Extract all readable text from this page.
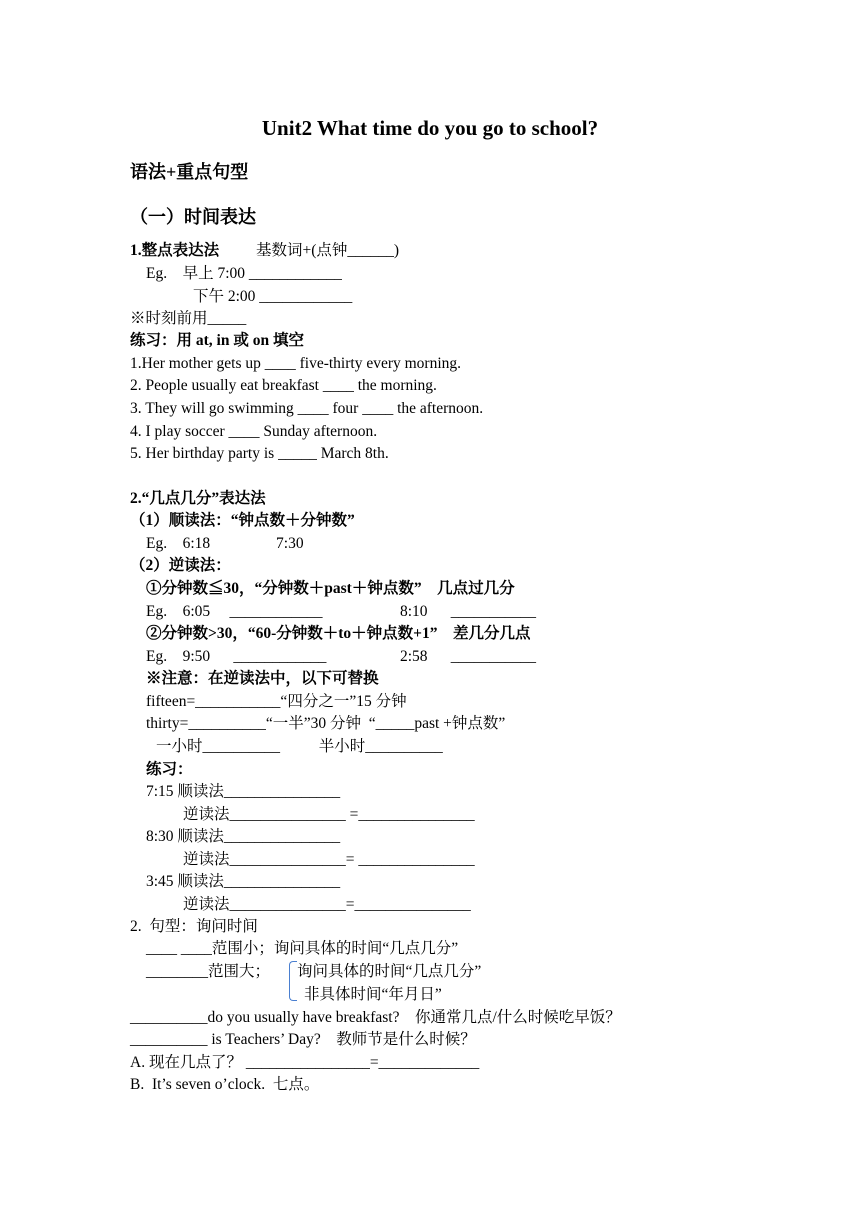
Unit2 What time do you go to school?
语法+重点句型
（一）时间表达
1.整点表达法 基数词+(点钟______)
Eg.    早上 7:00 ____________
下午 2:00 ____________
※时刻前用_____
练习：用 at, in 或 on 填空
1.Her mother gets up ____ five-thirty every morning.
2. People usually eat breakfast ____ the morning.
3. They will go swimming ____ four ____ the afternoon.
4. I play soccer ____ Sunday afternoon.
5. Her birthday party is _____ March 8th.
2.“几点几分”表达法
（1）顺读法：“钟点数＋分钟数”
Eg.    6:18                 7:30
（2）逆读法：
①分钟数≦30，“分钟数＋past＋钟点数”    几点过几分
Eg.    6:05     ____________	8:10      ___________
②分钟数>30，“60-分钟数＋to＋钟点数+1”    差几分几点
Eg.    9:50      ____________	2:58      ___________
※注意：在逆读法中，以下可替换
fifteen=___________“四分之一”15 分钟
thirty=__________“一半”30 分钟  “_____past +钟点数”
一小时__________          半小时__________
练习：
7:15 顺读法_______________
逆读法_______________ =_______________
8:30 顺读法_______________
逆读法_______________= _______________
3:45 顺读法_______________
逆读法_______________=_______________
2.  句型：询问时间
____ ____范围小；询问具体的时间“几点几分”
________范围大； 询问具体的时间“几点几分”
非具体时间“年月日”
__________do you usually have breakfast?    你通常几点/什么时候吃早饭？
__________ is Teachers’ Day?    教师节是什么时候？
A. 现在几点了？ ________________=_____________
B.  It’s seven o’clock.  七点。
